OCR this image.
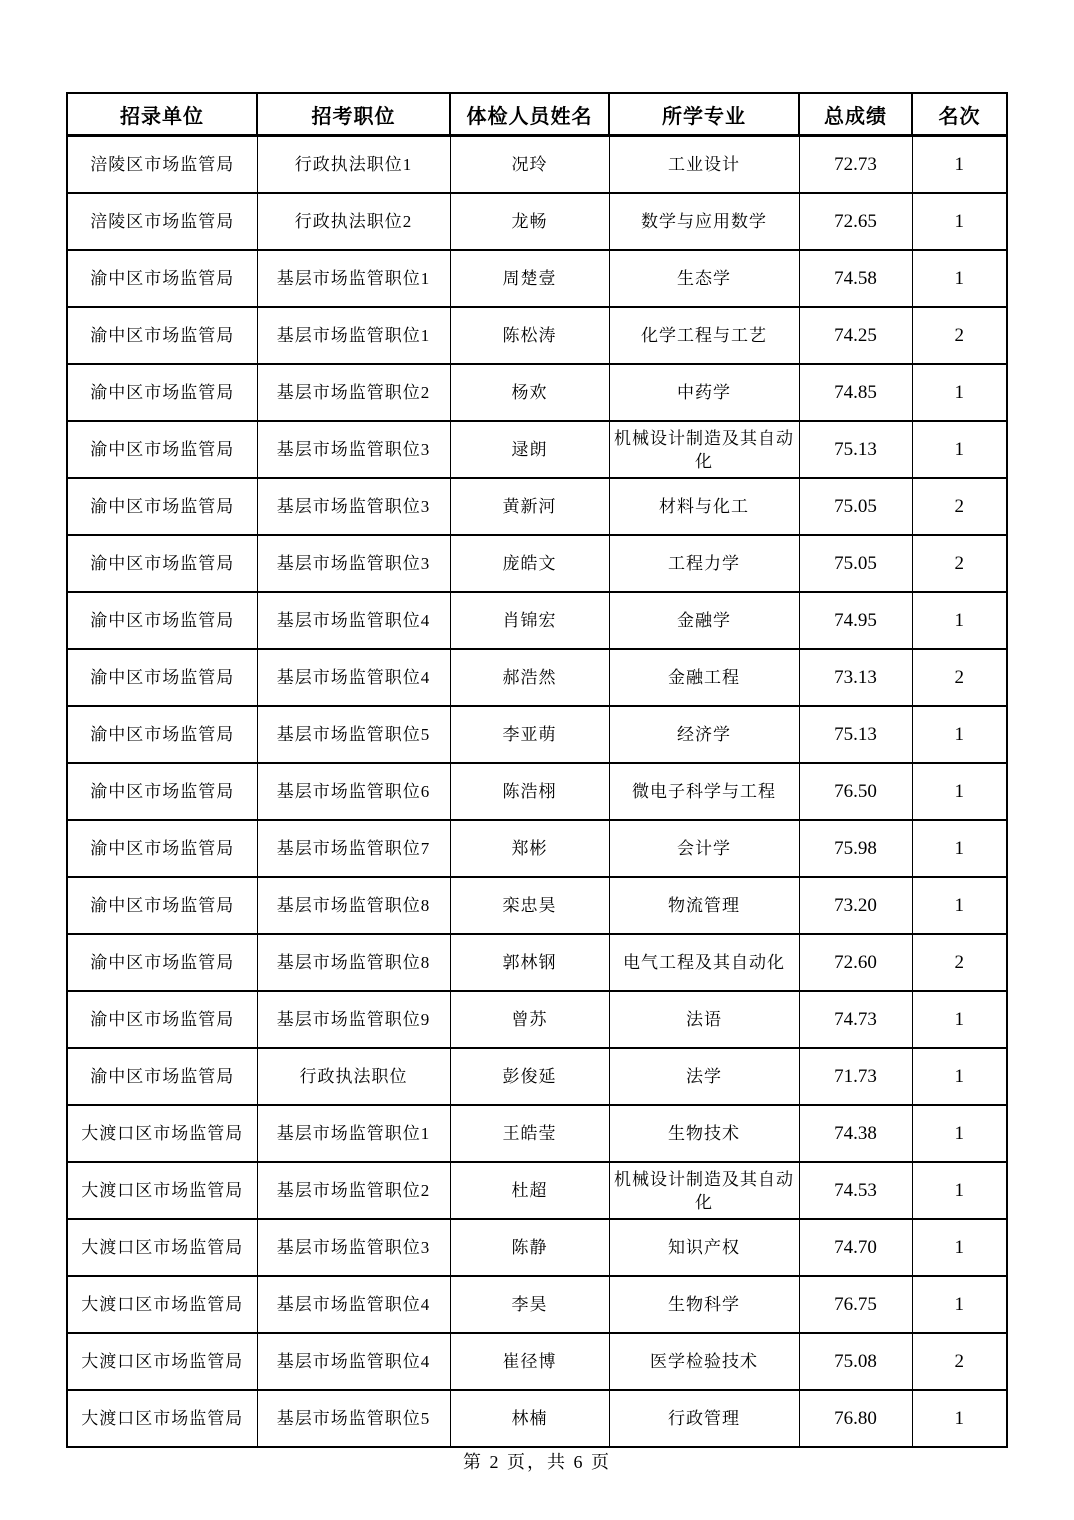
招录单位	招考职位	体检人员姓名	所学专业	总成绩	名次
涪陵区市场监管局	行政执法职位1	况玲	工业设计	72.73	1
涪陵区市场监管局	行政执法职位2	龙畅	数学与应用数学	72.65	1
渝中区市场监管局	基层市场监管职位1	周楚壹	生态学	74.58	1
渝中区市场监管局	基层市场监管职位1	陈松涛	化学工程与工艺	74.25	2
渝中区市场监管局	基层市场监管职位2	杨欢	中药学	74.85	1
渝中区市场监管局	基层市场监管职位3	逯朗	机械设计制造及其自动化	75.13	1
渝中区市场监管局	基层市场监管职位3	黄新河	材料与化工	75.05	2
渝中区市场监管局	基层市场监管职位3	庞皓文	工程力学	75.05	2
渝中区市场监管局	基层市场监管职位4	肖锦宏	金融学	74.95	1
渝中区市场监管局	基层市场监管职位4	郝浩然	金融工程	73.13	2
渝中区市场监管局	基层市场监管职位5	李亚萌	经济学	75.13	1
渝中区市场监管局	基层市场监管职位6	陈浩栩	微电子科学与工程	76.50	1
渝中区市场监管局	基层市场监管职位7	郑彬	会计学	75.98	1
渝中区市场监管局	基层市场监管职位8	栾忠昊	物流管理	73.20	1
渝中区市场监管局	基层市场监管职位8	郭林钢	电气工程及其自动化	72.60	2
渝中区市场监管局	基层市场监管职位9	曾苏	法语	74.73	1
渝中区市场监管局	行政执法职位	彭俊延	法学	71.73	1
大渡口区市场监管局	基层市场监管职位1	王皓莹	生物技术	74.38	1
大渡口区市场监管局	基层市场监管职位2	杜超	机械设计制造及其自动化	74.53	1
大渡口区市场监管局	基层市场监管职位3	陈静	知识产权	74.70	1
大渡口区市场监管局	基层市场监管职位4	李昊	生物科学	76.75	1
大渡口区市场监管局	基层市场监管职位4	崔径博	医学检验技术	75.08	2
大渡口区市场监管局	基层市场监管职位5	林楠	行政管理	76.80	1
第 2 页，共 6 页
